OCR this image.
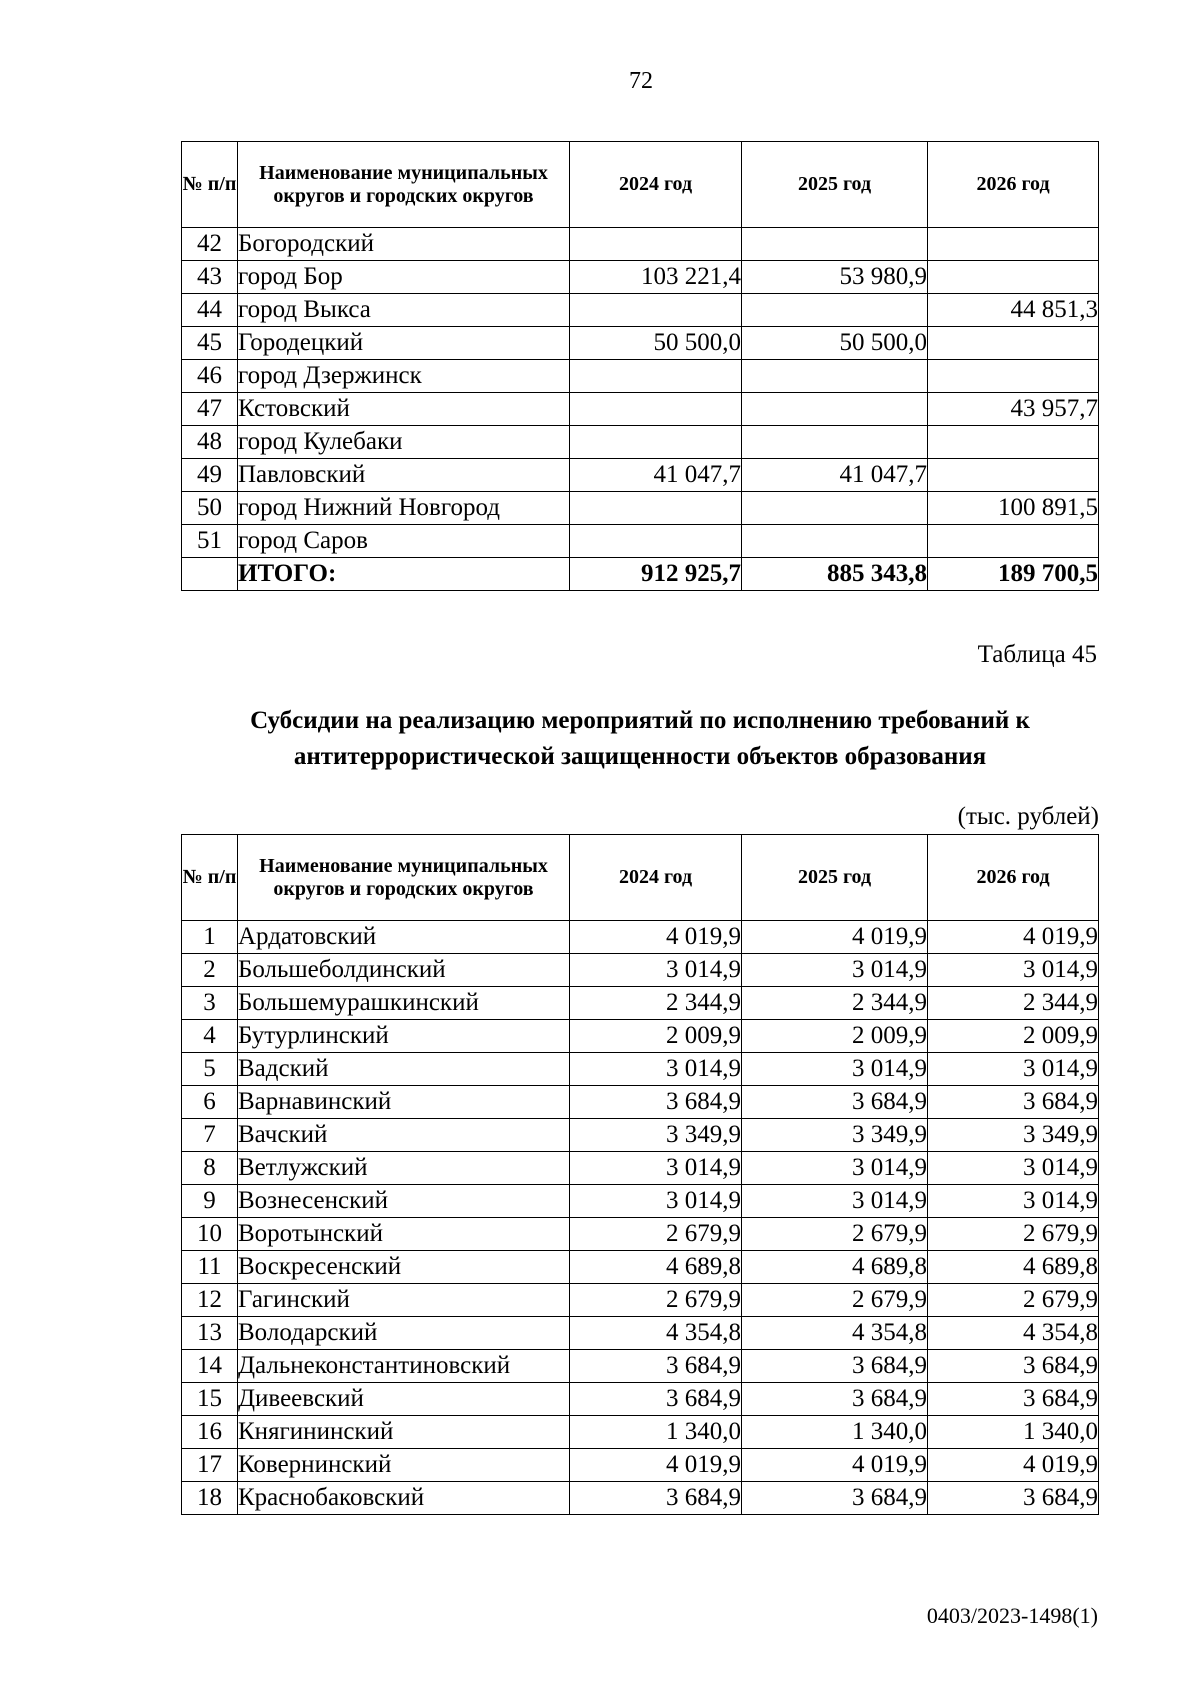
72
№ п/п	Наименование муниципальных округов и городских округов	2024 год	2025 год	2026 год
42	Богородский			
43	город Бор	103 221,4	53 980,9	
44	город Выкса			44 851,3
45	Городецкий	50 500,0	50 500,0	
46	город Дзержинск			
47	Кстовский			43 957,7
48	город Кулебаки			
49	Павловский	41 047,7	41 047,7	
50	город Нижний Новгород			100 891,5
51	город Саров			
	ИТОГО:	912 925,7	885 343,8	189 700,5
Таблица 45
Субсидии на реализацию мероприятий по исполнению требований к антитеррористической защищенности объектов образования
(тыс. рублей)
№ п/п	Наименование муниципальных округов и городских округов	2024 год	2025 год	2026 год
1	Ардатовский	4 019,9	4 019,9	4 019,9
2	Большеболдинский	3 014,9	3 014,9	3 014,9
3	Большемурашкинский	2 344,9	2 344,9	2 344,9
4	Бутурлинский	2 009,9	2 009,9	2 009,9
5	Вадский	3 014,9	3 014,9	3 014,9
6	Варнавинский	3 684,9	3 684,9	3 684,9
7	Вачский	3 349,9	3 349,9	3 349,9
8	Ветлужский	3 014,9	3 014,9	3 014,9
9	Вознесенский	3 014,9	3 014,9	3 014,9
10	Воротынский	2 679,9	2 679,9	2 679,9
11	Воскресенский	4 689,8	4 689,8	4 689,8
12	Гагинский	2 679,9	2 679,9	2 679,9
13	Володарский	4 354,8	4 354,8	4 354,8
14	Дальнеконстантиновский	3 684,9	3 684,9	3 684,9
15	Дивеевский	3 684,9	3 684,9	3 684,9
16	Княгининский	1 340,0	1 340,0	1 340,0
17	Ковернинский	4 019,9	4 019,9	4 019,9
18	Краснобаковский	3 684,9	3 684,9	3 684,9
0403/2023-1498(1)
